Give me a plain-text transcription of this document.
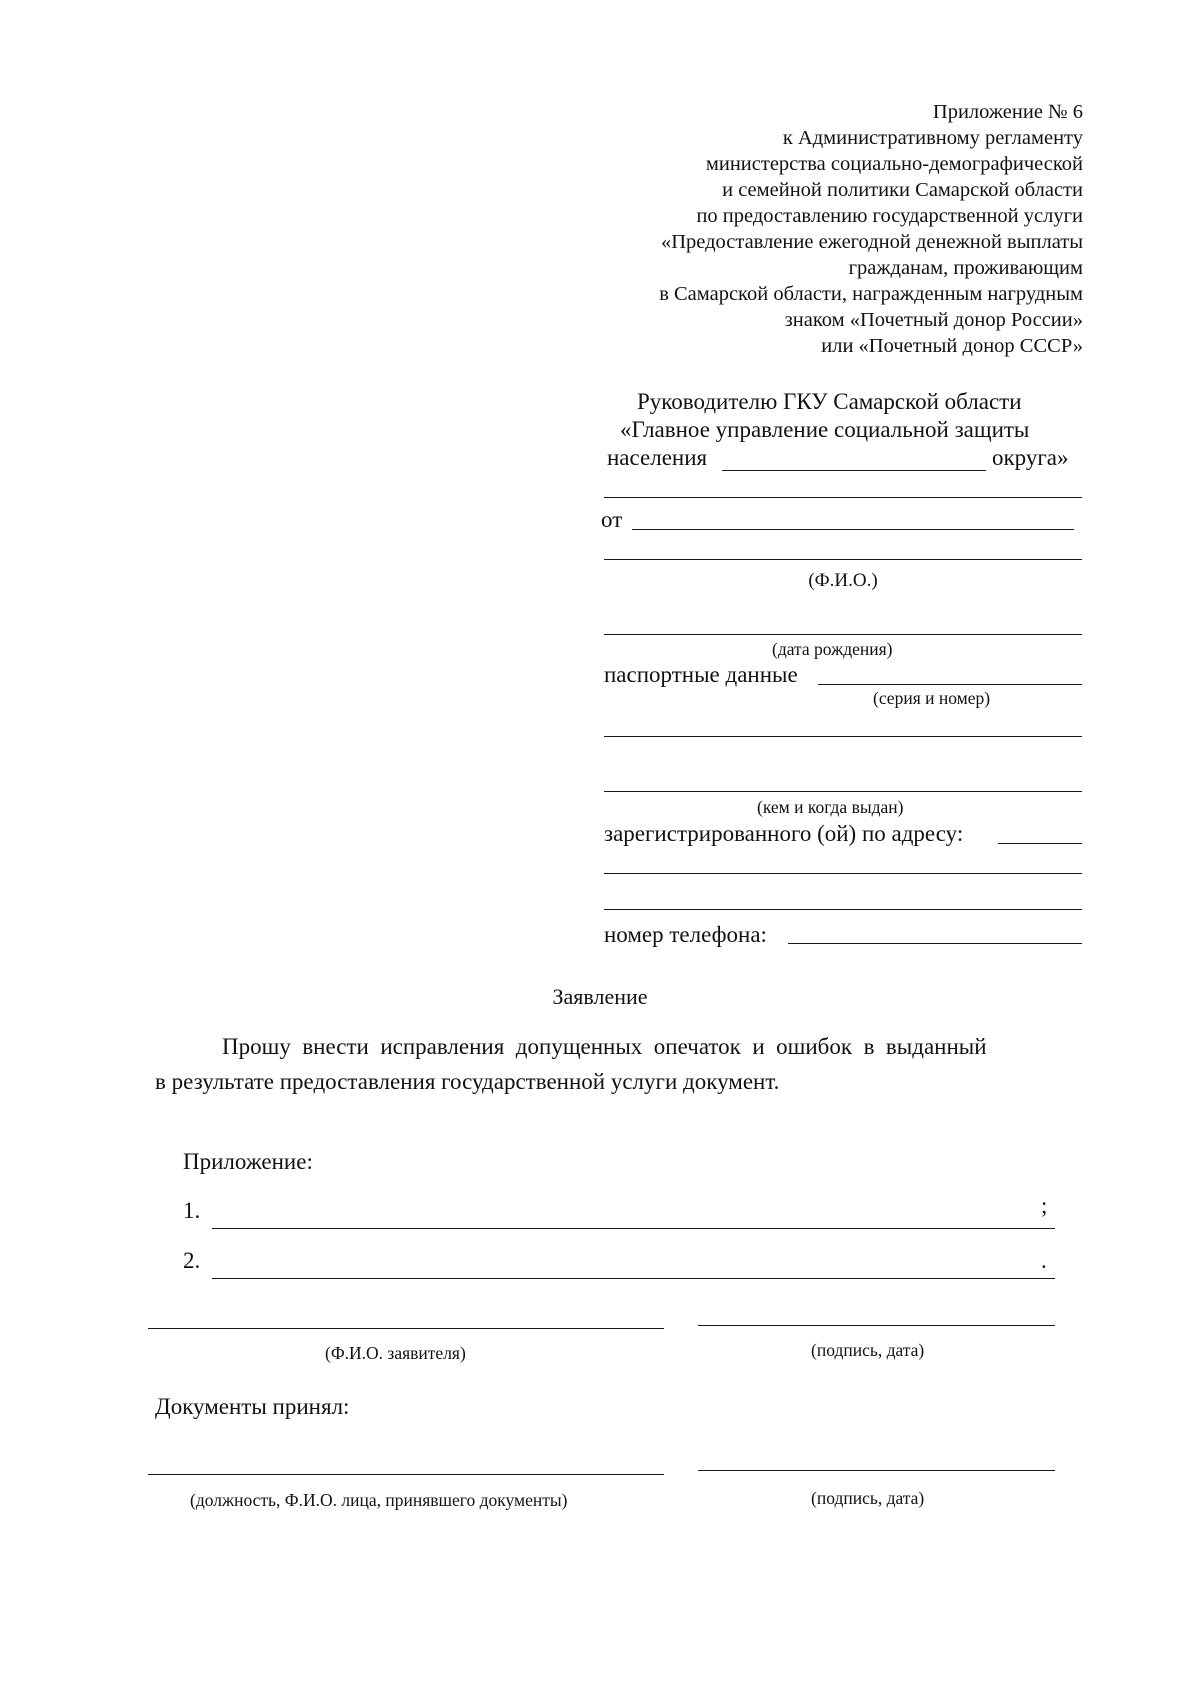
Приложение № 6
к Административному регламенту
министерства социально-демографической
и семейной политики Самарской области
по предоставлению государственной услуги
«Предоставление ежегодной денежной выплаты
гражданам, проживающим
в Самарской области, награжденным нагрудным
знаком «Почетный донор России»
или «Почетный донор СССР»
Руководителю ГКУ Самарской области
«Главное управление социальной защиты
населения	округа»
от
(Ф.И.О.)
(дата рождения)
паспортные данные
(серия и номер)
(кем и когда выдан)
зарегистрированного (ой) по адресу:
номер телефона:
Заявление
Прошу  внести  исправления  допущенных  опечаток  и  ошибок  в  выданный
в результате предоставления государственной услуги документ.
Приложение:
1.	;
2.	.
(Ф.И.О. заявителя)	(подпись, дата)
Документы принял:
(должность, Ф.И.О. лица, принявшего документы)	(подпись, дата)
